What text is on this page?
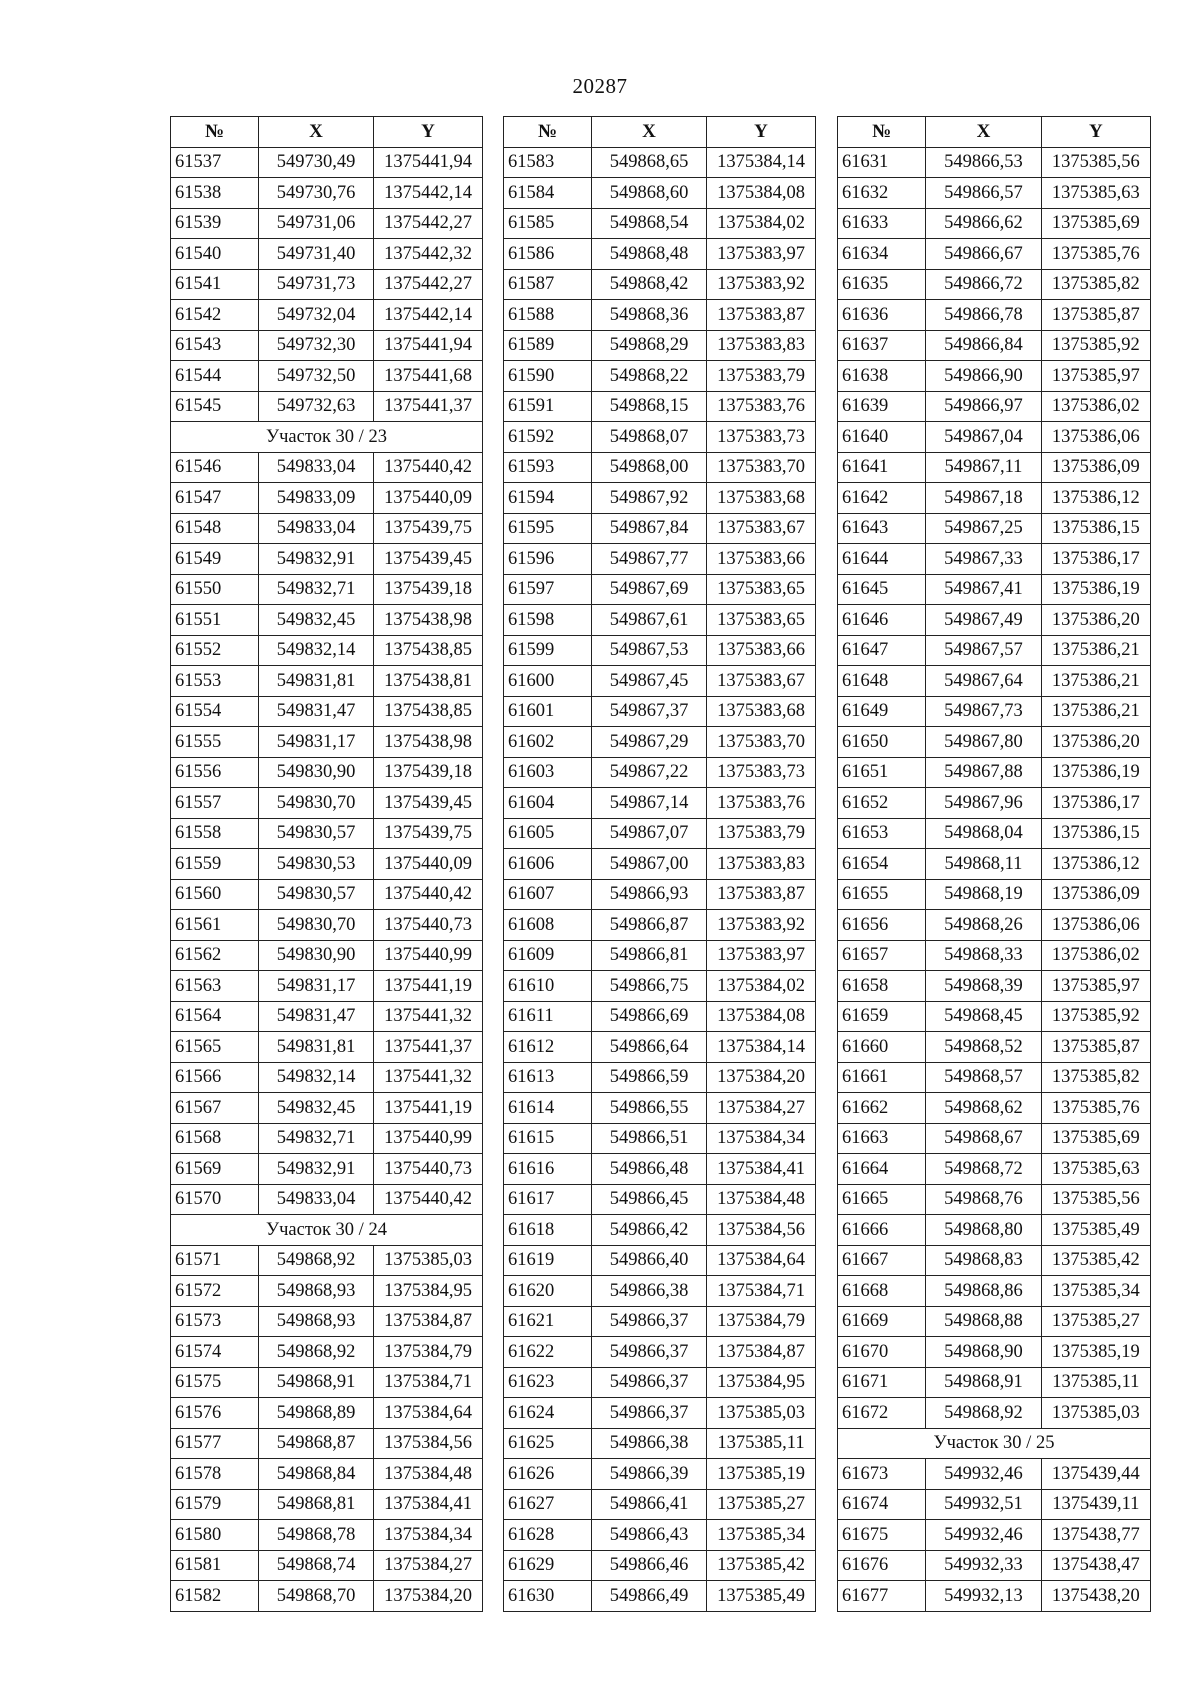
20287
№	X	Y
61537	549730,49	1375441,94
61538	549730,76	1375442,14
61539	549731,06	1375442,27
61540	549731,40	1375442,32
61541	549731,73	1375442,27
61542	549732,04	1375442,14
61543	549732,30	1375441,94
61544	549732,50	1375441,68
61545	549732,63	1375441,37
Участок 30 / 23		
61546	549833,04	1375440,42
61547	549833,09	1375440,09
61548	549833,04	1375439,75
61549	549832,91	1375439,45
61550	549832,71	1375439,18
61551	549832,45	1375438,98
61552	549832,14	1375438,85
61553	549831,81	1375438,81
61554	549831,47	1375438,85
61555	549831,17	1375438,98
61556	549830,90	1375439,18
61557	549830,70	1375439,45
61558	549830,57	1375439,75
61559	549830,53	1375440,09
61560	549830,57	1375440,42
61561	549830,70	1375440,73
61562	549830,90	1375440,99
61563	549831,17	1375441,19
61564	549831,47	1375441,32
61565	549831,81	1375441,37
61566	549832,14	1375441,32
61567	549832,45	1375441,19
61568	549832,71	1375440,99
61569	549832,91	1375440,73
61570	549833,04	1375440,42
Участок 30 / 24		
61571	549868,92	1375385,03
61572	549868,93	1375384,95
61573	549868,93	1375384,87
61574	549868,92	1375384,79
61575	549868,91	1375384,71
61576	549868,89	1375384,64
61577	549868,87	1375384,56
61578	549868,84	1375384,48
61579	549868,81	1375384,41
61580	549868,78	1375384,34
61581	549868,74	1375384,27
61582	549868,70	1375384,20
№	X	Y
61583	549868,65	1375384,14
61584	549868,60	1375384,08
61585	549868,54	1375384,02
61586	549868,48	1375383,97
61587	549868,42	1375383,92
61588	549868,36	1375383,87
61589	549868,29	1375383,83
61590	549868,22	1375383,79
61591	549868,15	1375383,76
61592	549868,07	1375383,73
61593	549868,00	1375383,70
61594	549867,92	1375383,68
61595	549867,84	1375383,67
61596	549867,77	1375383,66
61597	549867,69	1375383,65
61598	549867,61	1375383,65
61599	549867,53	1375383,66
61600	549867,45	1375383,67
61601	549867,37	1375383,68
61602	549867,29	1375383,70
61603	549867,22	1375383,73
61604	549867,14	1375383,76
61605	549867,07	1375383,79
61606	549867,00	1375383,83
61607	549866,93	1375383,87
61608	549866,87	1375383,92
61609	549866,81	1375383,97
61610	549866,75	1375384,02
61611	549866,69	1375384,08
61612	549866,64	1375384,14
61613	549866,59	1375384,20
61614	549866,55	1375384,27
61615	549866,51	1375384,34
61616	549866,48	1375384,41
61617	549866,45	1375384,48
61618	549866,42	1375384,56
61619	549866,40	1375384,64
61620	549866,38	1375384,71
61621	549866,37	1375384,79
61622	549866,37	1375384,87
61623	549866,37	1375384,95
61624	549866,37	1375385,03
61625	549866,38	1375385,11
61626	549866,39	1375385,19
61627	549866,41	1375385,27
61628	549866,43	1375385,34
61629	549866,46	1375385,42
61630	549866,49	1375385,49
№	X	Y
61631	549866,53	1375385,56
61632	549866,57	1375385,63
61633	549866,62	1375385,69
61634	549866,67	1375385,76
61635	549866,72	1375385,82
61636	549866,78	1375385,87
61637	549866,84	1375385,92
61638	549866,90	1375385,97
61639	549866,97	1375386,02
61640	549867,04	1375386,06
61641	549867,11	1375386,09
61642	549867,18	1375386,12
61643	549867,25	1375386,15
61644	549867,33	1375386,17
61645	549867,41	1375386,19
61646	549867,49	1375386,20
61647	549867,57	1375386,21
61648	549867,64	1375386,21
61649	549867,73	1375386,21
61650	549867,80	1375386,20
61651	549867,88	1375386,19
61652	549867,96	1375386,17
61653	549868,04	1375386,15
61654	549868,11	1375386,12
61655	549868,19	1375386,09
61656	549868,26	1375386,06
61657	549868,33	1375386,02
61658	549868,39	1375385,97
61659	549868,45	1375385,92
61660	549868,52	1375385,87
61661	549868,57	1375385,82
61662	549868,62	1375385,76
61663	549868,67	1375385,69
61664	549868,72	1375385,63
61665	549868,76	1375385,56
61666	549868,80	1375385,49
61667	549868,83	1375385,42
61668	549868,86	1375385,34
61669	549868,88	1375385,27
61670	549868,90	1375385,19
61671	549868,91	1375385,11
61672	549868,92	1375385,03
Участок 30 / 25		
61673	549932,46	1375439,44
61674	549932,51	1375439,11
61675	549932,46	1375438,77
61676	549932,33	1375438,47
61677	549932,13	1375438,20
